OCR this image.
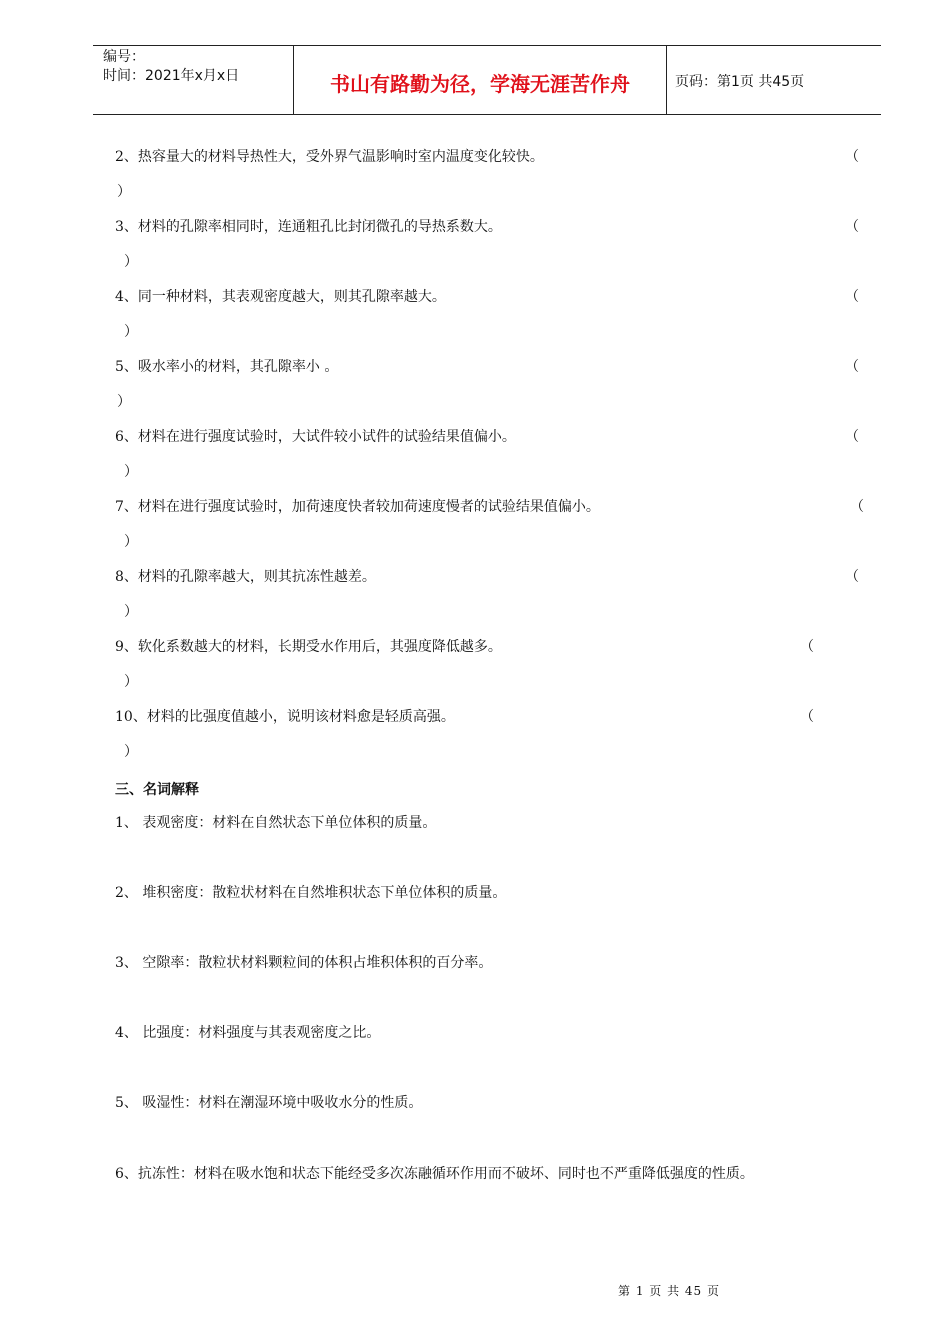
编号：
时间：2021年x月x日	书山有路勤为径，学海无涯苦作舟	页码：第1页 共45页
2、热容量大的材料导热性大，受外界气温影响时室内温度变化较快。	（
）
3、材料的孔隙率相同时，连通粗孔比封闭微孔的导热系数大。	（
）
4、同一种材料，其表观密度越大，则其孔隙率越大。	（
）
5、吸水率小的材料，其孔隙率小 。	（
）
6、材料在进行强度试验时，大试件较小试件的试验结果值偏小。	（
）
7、材料在进行强度试验时，加荷速度快者较加荷速度慢者的试验结果值偏小。	（
）
8、材料的孔隙率越大，则其抗冻性越差。	（
）
9、软化系数越大的材料，长期受水作用后，其强度降低越多。	（
）
10、材料的比强度值越小，说明该材料愈是轻质高强。	（
）
三、名词解释
1、 表观密度：材料在自然状态下单位体积的质量。
2、 堆积密度：散粒状材料在自然堆积状态下单位体积的质量。
3、 空隙率：散粒状材料颗粒间的体积占堆积体积的百分率。
4、 比强度：材料强度与其表观密度之比。
5、 吸湿性：材料在潮湿环境中吸收水分的性质。
6、抗冻性：材料在吸水饱和状态下能经受多次冻融循环作用而不破坏、同时也不严重降低强度的性质。
第 1 页 共 45 页
